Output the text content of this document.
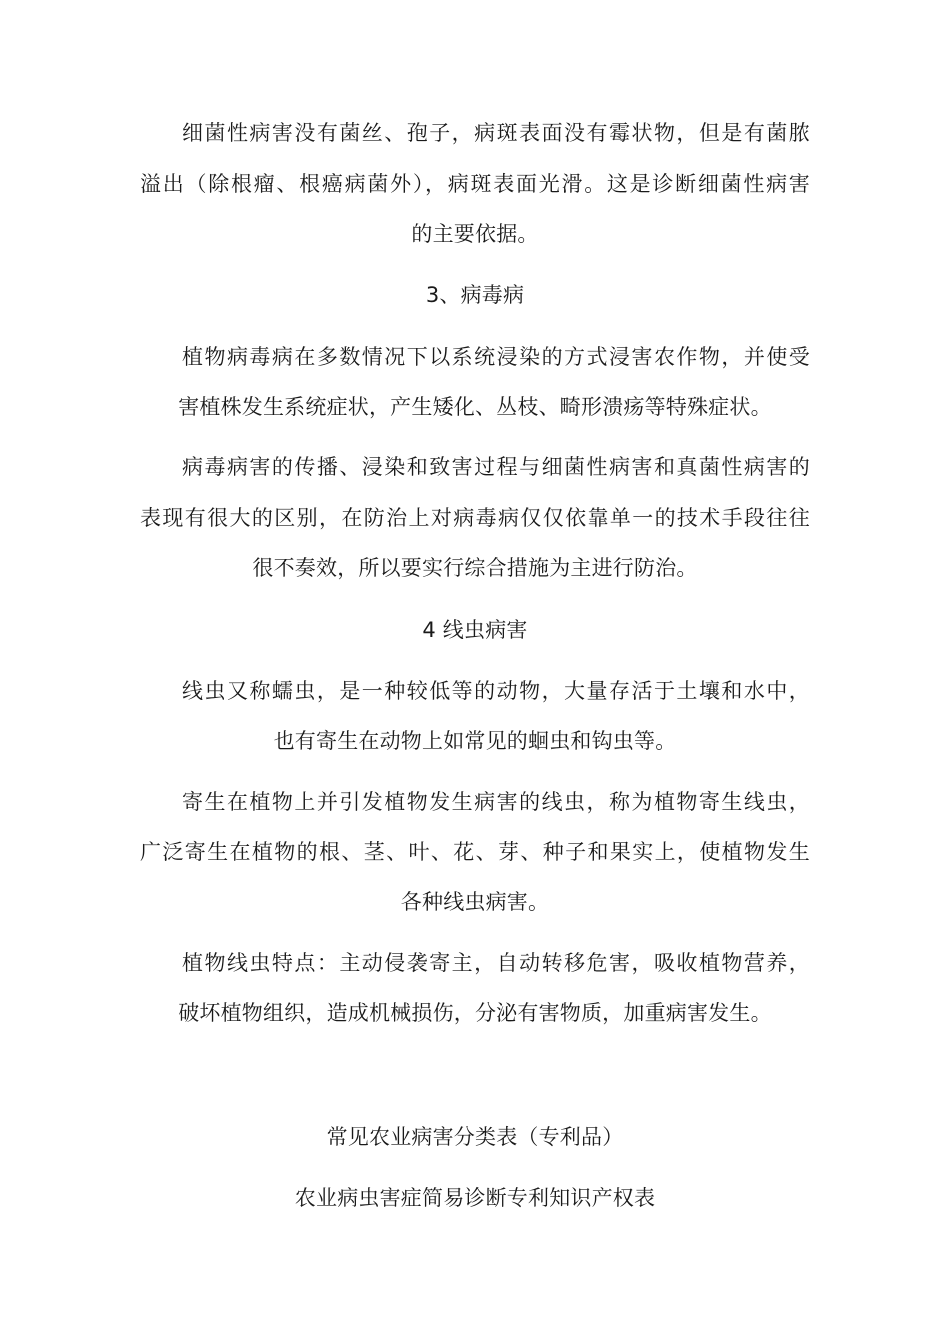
细菌性病害没有菌丝、孢子，病斑表面没有霉状物，但是有菌脓
溢出（除根瘤、根癌病菌外），病斑表面光滑。这是诊断细菌性病害
的主要依据。
3、病毒病
植物病毒病在多数情况下以系统浸染的方式浸害农作物，并使受
害植株发生系统症状，产生矮化、丛枝、畸形溃疡等特殊症状。
病毒病害的传播、浸染和致害过程与细菌性病害和真菌性病害的
表现有很大的区别，在防治上对病毒病仅仅依靠单一的技术手段往往
很不奏效，所以要实行综合措施为主进行防治。
4 线虫病害
线虫又称蠕虫，是一种较低等的动物，大量存活于土壤和水中，
也有寄生在动物上如常见的蛔虫和钩虫等。
寄生在植物上并引发植物发生病害的线虫，称为植物寄生线虫，
广泛寄生在植物的根、茎、叶、花、芽、种子和果实上，使植物发生
各种线虫病害。
植物线虫特点：主动侵袭寄主，自动转移危害，吸收植物营养，
破坏植物组织，造成机械损伤，分泌有害物质，加重病害发生。
常见农业病害分类表（专利品）
农业病虫害症简易诊断专利知识产权表
